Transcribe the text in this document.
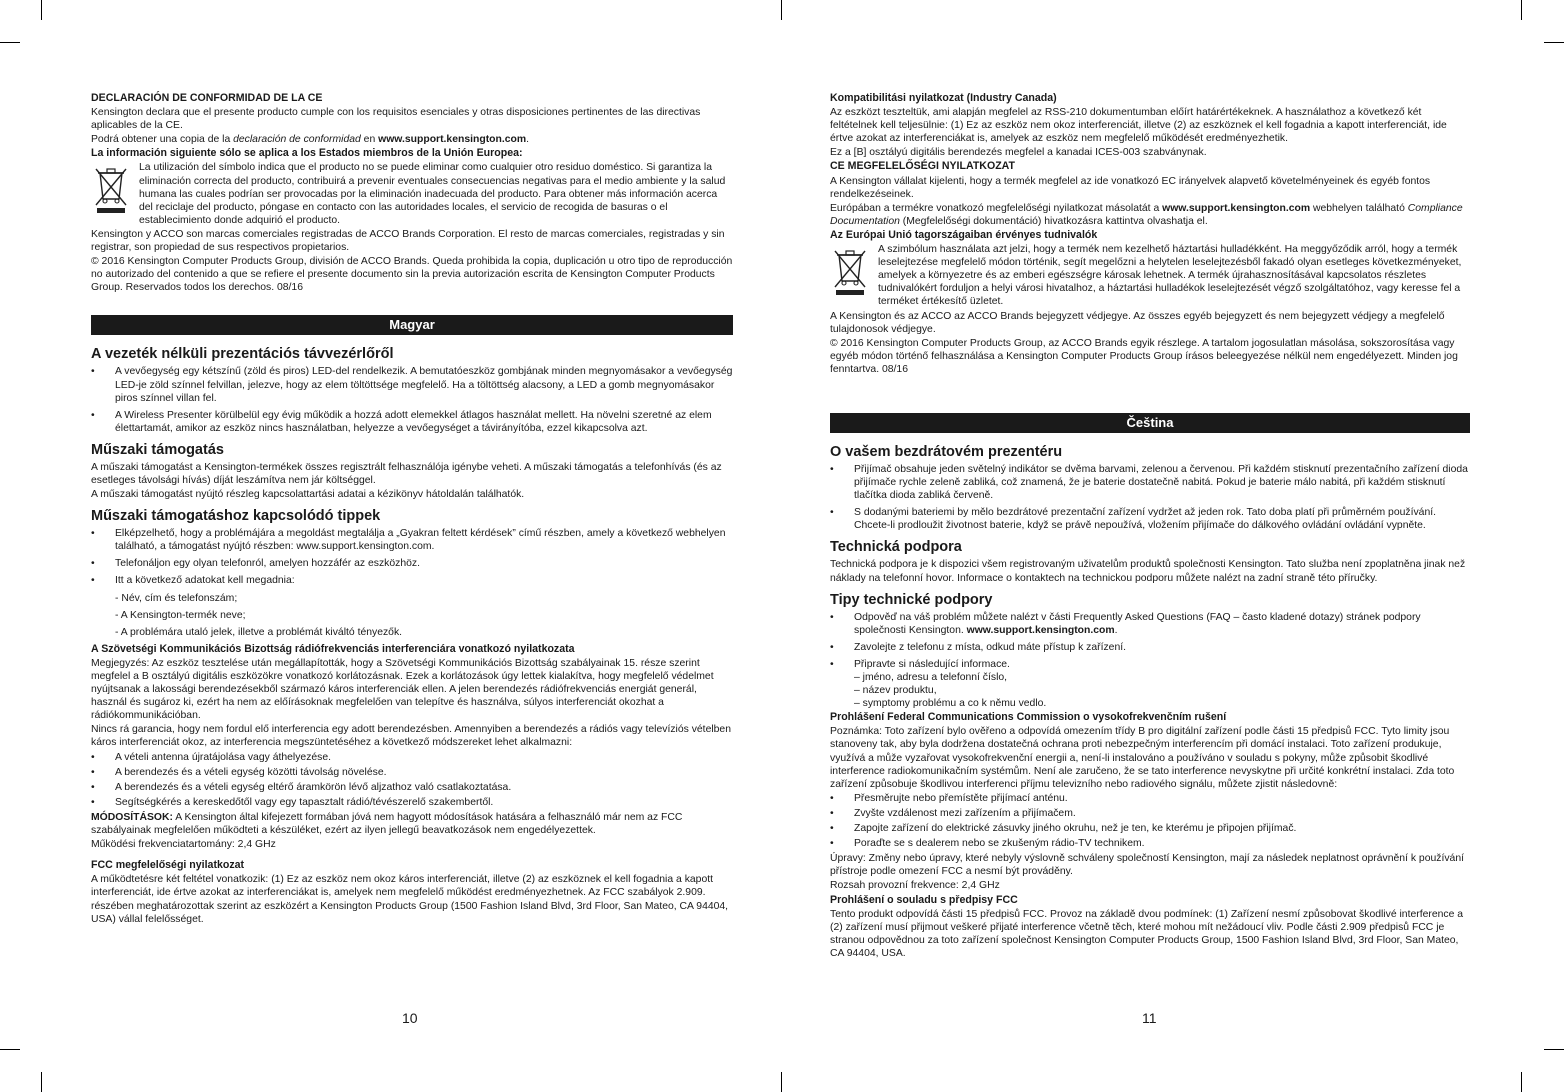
DECLARACIÓN DE CONFORMIDAD DE LA CE

Kensington declara que el presente producto cumple con los requisitos esenciales y otras disposiciones pertinentes de las directivas aplicables de la CE.

Podrá obtener una copia de la declaración de conformidad en www.support.kensington.com.

La información siguiente sólo se aplica a los Estados miembros de la Unión Europea:

La utilización del símbolo indica que el producto no se puede eliminar como cualquier otro residuo doméstico. Si garantiza la eliminación correcta del producto, contribuirá a prevenir eventuales consecuencias negativas para el medio ambiente y la salud humana las cuales podrían ser provocadas por la eliminación inadecuada del producto. Para obtener más información acerca del reciclaje del producto, póngase en contacto con las autoridades locales, el servicio de recogida de basuras o el establecimiento donde adquirió el producto.

Kensington y ACCO son marcas comerciales registradas de ACCO Brands Corporation. El resto de marcas comerciales, registradas y sin registrar, son propiedad de sus respectivos propietarios.

© 2016 Kensington Computer Products Group, división de ACCO Brands. Queda prohibida la copia, duplicación u otro tipo de reproducción no autorizado del contenido a que se refiere el presente documento sin la previa autorización escrita de Kensington Computer Products Group. Reservados todos los derechos. 08/16

Magyar
A vezeték nélküli prezentációs távvezérlőről
• A vevőegység egy kétszínű (zöld és piros) LED-del rendelkezik. A bemutatóeszköz gombjának minden megnyomásakor a vevőegység LED-je zöld színnel felvillan, jelezve, hogy az elem töltöttsége megfelelő. Ha a töltöttség alacsony, a LED a gomb megnyomásakor piros színnel villan fel.
• A Wireless Presenter körülbelül egy évig működik a hozzá adott elemekkel átlagos használat mellett. Ha növelni szeretné az elem élettartamát, amikor az eszköz nincs használatban, helyezze a vevőegységet a távirányítóba, ezzel kikapcsolva azt.
Műszaki támogatás

A műszaki támogatást a Kensington-termékek összes regisztrált felhasználója igénybe veheti. A műszaki támogatás a telefonhívás (és az esetleges távolsági hívás) díját leszámítva nem jár költséggel.

A műszaki támogatást nyújtó részleg kapcsolattartási adatai a kézikönyv hátoldalán találhatók.

Műszaki támogatáshoz kapcsolódó tippek
• Elképzelhető, hogy a problémájára a megoldást megtalálja a „Gyakran feltett kérdések” című részben, amely a következő webhelyen található, a támogatást nyújtó részben: www.support.kensington.com.
• Telefonáljon egy olyan telefonról, amelyen hozzáfér az eszközhöz.
• Itt a következő adatokat kell megadnia:
- Név, cím és telefonszám;
- A Kensington-termék neve;
- A problémára utaló jelek, illetve a problémát kiváltó tényezők.

A Szövetségi Kommunikációs Bizottság rádiófrekvenciás interferenciára vonatkozó nyilatkozata

Megjegyzés: Az eszköz tesztelése után megállapították, hogy a Szövetségi Kommunikációs Bizottság szabályainak 15. része szerint megfelel a B osztályú digitális eszközökre vonatkozó korlátozásnak. Ezek a korlátozások úgy lettek kialakítva, hogy megfelelő védelmet nyújtsanak a lakossági berendezésekből származó káros interferenciák ellen. A jelen berendezés rádiófrekvenciás energiát generál, használ és sugároz ki, ezért ha nem az előírásoknak megfelelően van telepítve és használva, súlyos interferenciát okozhat a rádiókommunikációban.

Nincs rá garancia, hogy nem fordul elő interferencia egy adott berendezésben. Amennyiben a berendezés a rádiós vagy televíziós vételben káros interferenciát okoz, az interferencia megszüntetéséhez a következő módszereket lehet alkalmazni:

• A vételi antenna újratájolása vagy áthelyezése.
• A berendezés és a vételi egység közötti távolság növelése.
• A berendezés és a vételi egység eltérő áramkörön lévő aljzathoz való csatlakoztatása.
• Segítségkérés a kereskedőtől vagy egy tapasztalt rádió/tévészerelő szakembertől.

MÓDOSÍTÁSOK: A Kensington által kifejezett formában jóvá nem hagyott módosítások hatására a felhasználó már nem az FCC szabályainak megfelelően működteti a készüléket, ezért az ilyen jellegű beavatkozások nem engedélyezettek.

Működési frekvenciatartomány: 2,4 GHz

FCC megfelelőségi nyilatkozat

A működtetésre két feltétel vonatkozik: (1) Ez az eszköz nem okoz káros interferenciát, illetve (2) az eszköznek el kell fogadnia a kapott interferenciát, ide értve azokat az interferenciákat is, amelyek nem megfelelő működést eredményezhetnek. Az FCC szabályok 2.909. részében meghatározottak szerint az eszközért a Kensington Products Group (1500 Fashion Island Blvd, 3rd Floor, San Mateo, CA 94404, USA) vállal felelősséget.

Kompatibilitási nyilatkozat (Industry Canada)

Az eszközt teszteltük, ami alapján megfelel az RSS-210 dokumentumban előírt határértékeknek. A használathoz a következő két feltételnek kell teljesülnie: (1) Ez az eszköz nem okoz interferenciát, illetve (2) az eszköznek el kell fogadnia a kapott interferenciát, ide értve azokat az interferenciákat is, amelyek az eszköz nem megfelelő működését eredményezhetik.

Ez a [B] osztályú digitális berendezés megfelel a kanadai ICES-003 szabványnak.

CE MEGFELELŐSÉGI NYILATKOZAT

A Kensington vállalat kijelenti, hogy a termék megfelel az ide vonatkozó EC irányelvek alapvető követelményeinek és egyéb fontos rendelkezéseinek.

Európában a termékre vonatkozó megfelelőségi nyilatkozat másolatát a www.support.kensington.com webhelyen található Compliance Documentation (Megfelelőségi dokumentáció) hivatkozásra kattintva olvashatja el.

Az Európai Unió tagországaiban érvényes tudnivalók

A szimbólum használata azt jelzi, hogy a termék nem kezelhető háztartási hulladékként. Ha meggyőződik arról, hogy a termék leselejtezése megfelelő módon történik, segít megelőzni a helytelen leselejtezésből fakadó olyan esetleges következményeket, amelyek a környezetre és az emberi egészségre károsak lehetnek. A termék újrahasznosításával kapcsolatos részletes tudnivalókért forduljon a helyi városi hivatalhoz, a háztartási hulladékok leselejtezését végző szolgáltatóhoz, vagy keresse fel a terméket értékesítő üzletet.

A Kensington és az ACCO az ACCO Brands bejegyzett védjegye. Az összes egyéb bejegyzett és nem bejegyzett védjegy a megfelelő tulajdonosok védjegye.

© 2016 Kensington Computer Products Group, az ACCO Brands egyik részlege. A tartalom jogosulatlan másolása, sokszorosítása vagy egyéb módon történő felhasználása a Kensington Computer Products Group írásos beleegyezése nélkül nem engedélyezett. Minden jog fenntartva. 08/16

Čeština
O vašem bezdrátovém prezentéru
• Přijímač obsahuje jeden světelný indikátor se dvěma barvami, zelenou a červenou. Při každém stisknutí prezentačního zařízení dioda přijímače rychle zeleně zabliká, což znamená, že je baterie dostatečně nabitá. Pokud je baterie málo nabitá, při každém stisknutí tlačítka dioda zabliká červeně.
• S dodanými bateriemi by mělo bezdrátové prezentační zařízení vydržet až jeden rok. Tato doba platí při průměrném používání. Chcete-li prodloužit životnost baterie, když se právě nepoužívá, vložením přijímače do dálkového ovládání ovládání vypněte.
Technická podpora

Technická podpora je k dispozici všem registrovaným uživatelům produktů společnosti Kensington. Tato služba není zpoplatněna jinak než náklady na telefonní hovor. Informace o kontaktech na technickou podporu můžete nalézt na zadní straně této příručky.

Tipy technické podpory
• Odpověď na váš problém můžete nalézt v části Frequently Asked Questions (FAQ – často kladené dotazy) stránek podpory společnosti Kensington. www.support.kensington.com.
• Zavolejte z telefonu z místa, odkud máte přístup k zařízení.
• Připravte si následující informace.
– jméno, adresu a telefonní číslo,
– název produktu,
– symptomy problému a co k němu vedlo.

Prohlášení Federal Communications Commission o vysokofrekvenčním rušení

Poznámka: Toto zařízení bylo ověřeno a odpovídá omezením třídy B pro digitální zařízení podle části 15 předpisů FCC. Tyto limity jsou stanoveny tak, aby byla dodržena dostatečná ochrana proti nebezpečným interferencím při domácí instalaci. Toto zařízení produkuje, využívá a může vyzařovat vysokofrekvenční energii a, není-li instalováno a používáno v souladu s pokyny, může způsobit škodlivé interference radiokomunikačním systémům. Není ale zaručeno, že se tato interference nevyskytne při určité konkrétní instalaci. Zda toto zařízení způsobuje škodlivou interferenci příjmu televizního nebo radiového signálu, můžete zjistit následovně:

• Přesměrujte nebo přemístěte přijímací anténu.
• Zvyšte vzdálenost mezi zařízením a přijímačem.
• Zapojte zařízení do elektrické zásuvky jiného okruhu, než je ten, ke kterému je připojen přijímač.
• Poraďte se s dealerem nebo se zkušeným rádio-TV technikem.

Úpravy: Změny nebo úpravy, které nebyly výslovně schváleny společností Kensington, mají za následek neplatnost oprávnění k používání přístroje podle omezení FCC a nesmí být prováděny.

Rozsah provozní frekvence: 2,4 GHz

Prohlášení o souladu s předpisy FCC

Tento produkt odpovídá části 15 předpisů FCC. Provoz na základě dvou podmínek: (1) Zařízení nesmí způsobovat škodlivé interference a (2) zařízení musí přijmout veškeré přijaté interference včetně těch, které mohou mít nežádoucí vliv. Podle části 2.909 předpisů FCC je stranou odpovědnou za toto zařízení společnost Kensington Computer Products Group, 1500 Fashion Island Blvd, 3rd Floor, San Mateo, CA 94404, USA.

10	11
